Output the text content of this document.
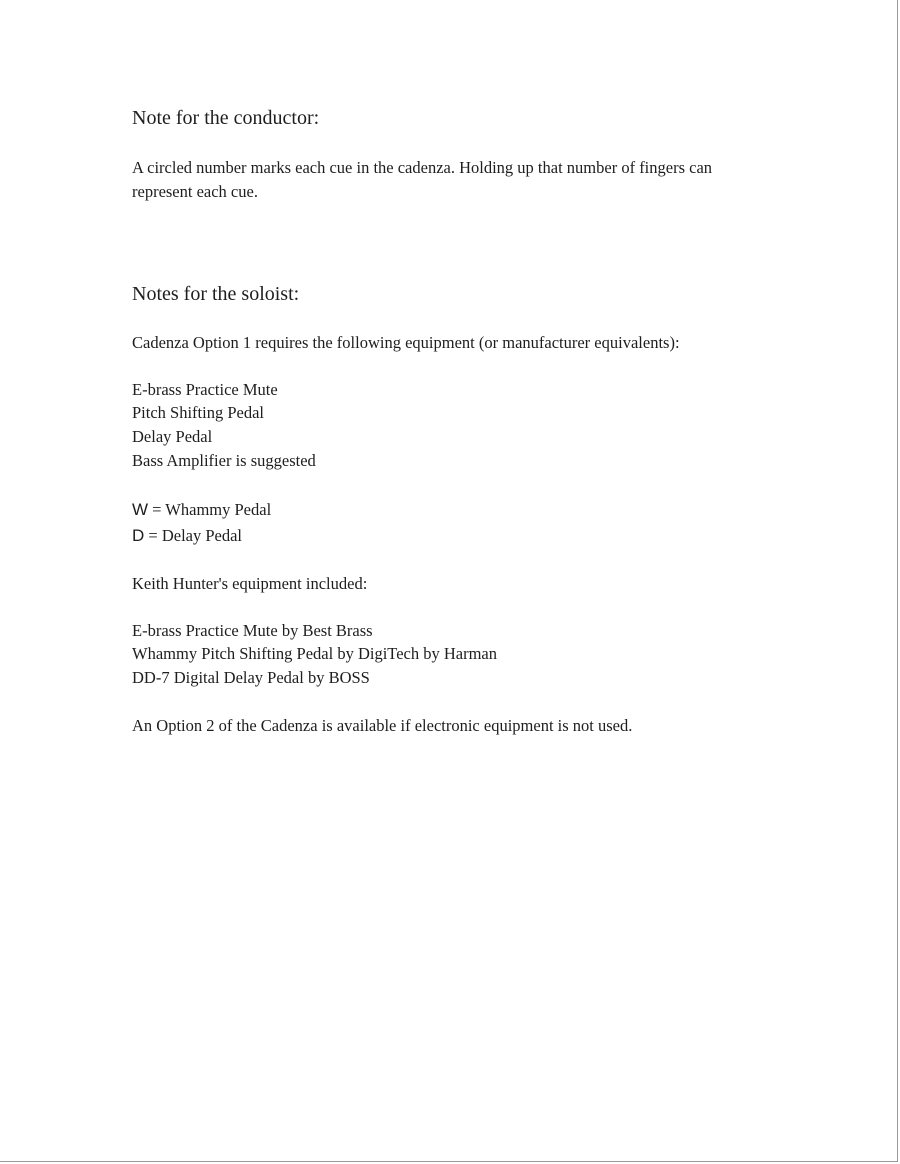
Note for the conductor:
A circled number marks each cue in the cadenza. Holding up that number of fingers can represent each cue.
Notes for the soloist:
Cadenza Option 1 requires the following equipment (or manufacturer equivalents):
E-brass Practice Mute
Pitch Shifting Pedal
Delay Pedal
Bass Amplifier is suggested
W = Whammy Pedal
D = Delay Pedal
Keith Hunter's equipment included:
E-brass Practice Mute by Best Brass
Whammy Pitch Shifting Pedal by DigiTech by Harman
DD-7 Digital Delay Pedal by BOSS
An Option 2 of the Cadenza is available if electronic equipment is not used.
